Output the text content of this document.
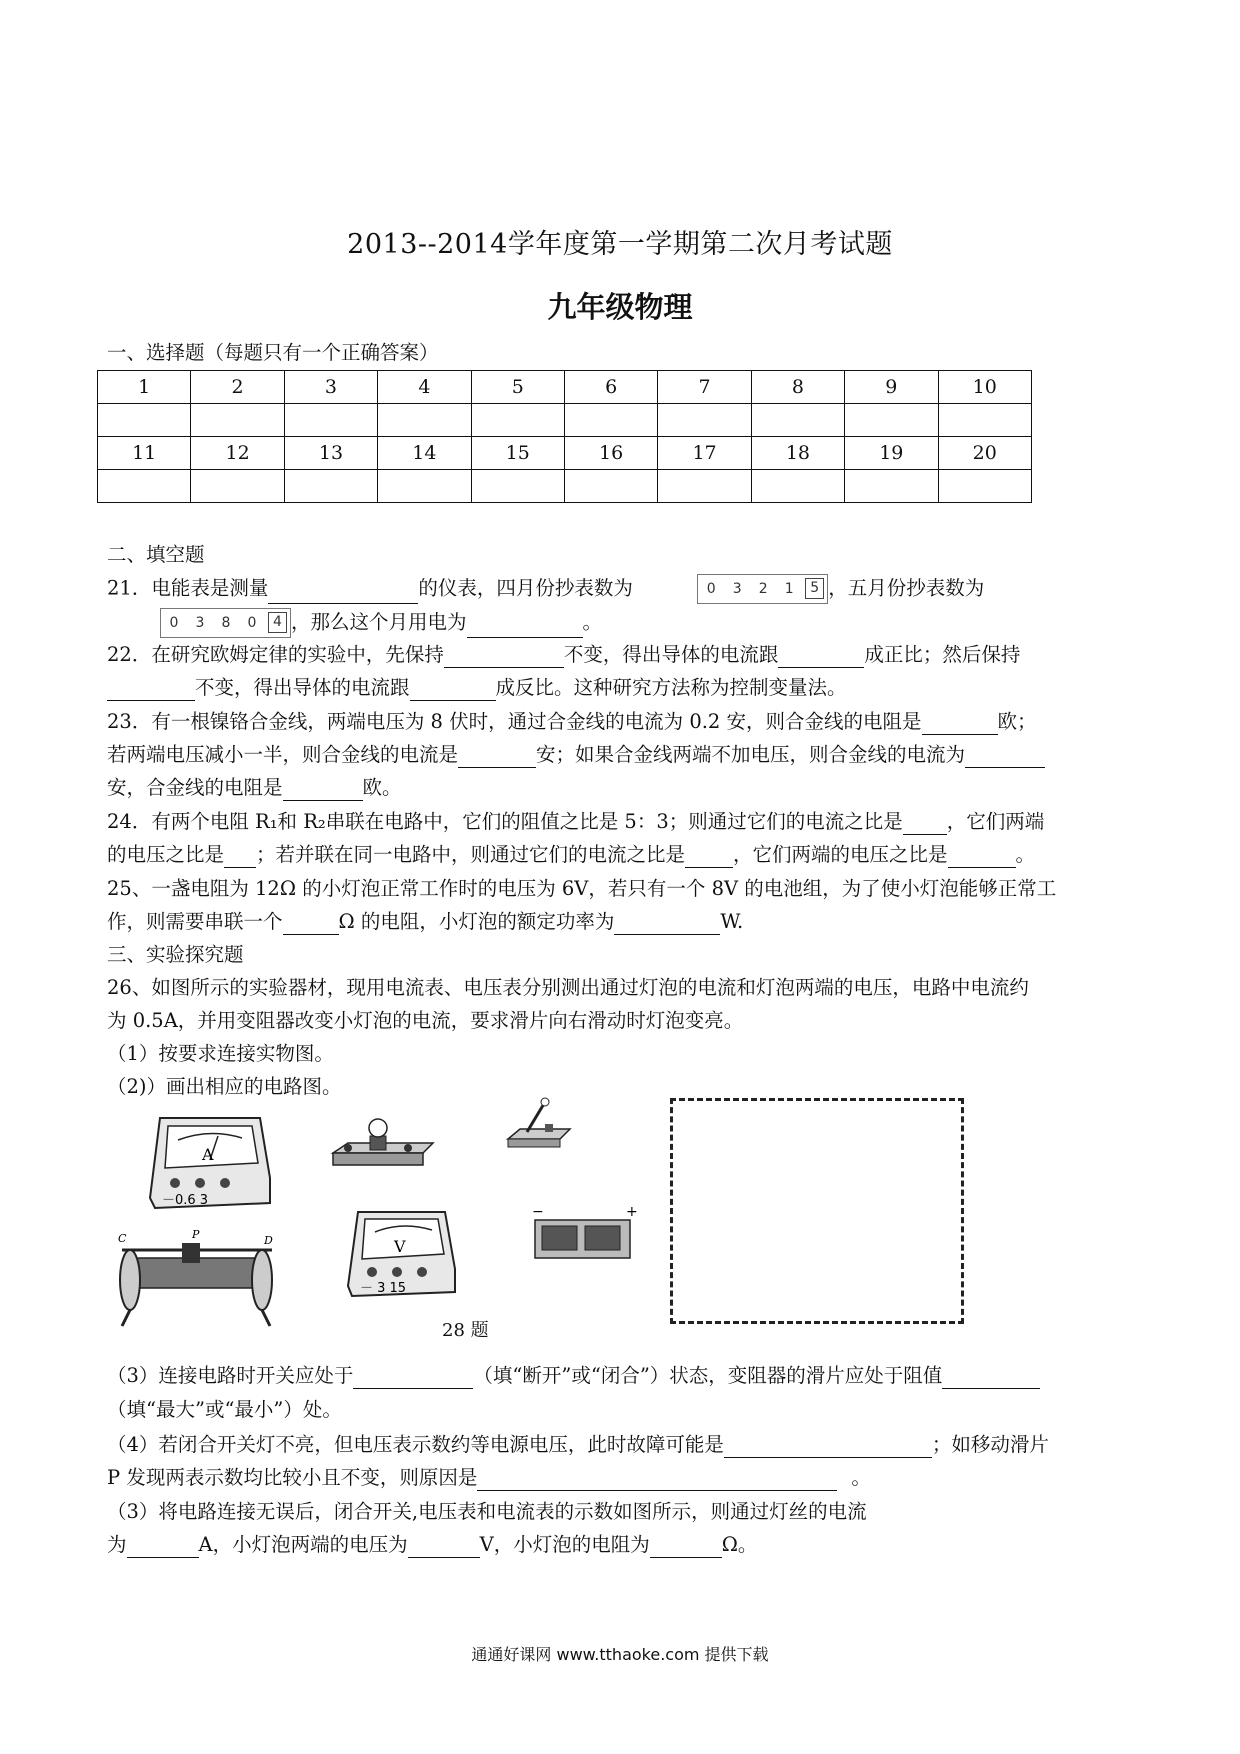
2013--2014学年度第一学期第二次月考试题
九年级物理
一、选择题（每题只有一个正确答案）
1	2	3	4	5	6	7	8	9	10

11	12	13	14	15	16	17	18	19	20

二、填空题
21．电能表是测量	的仪表，四月份抄表数为	0	3	2	1	5 ，五月份抄表数为
0	3	8	0	4 ，那么这个月用电为	。
22．在研究欧姆定律的实验中，先保持	不变，得出导体的电流跟	成正比；然后保持
不变，得出导体的电流跟	成反比。这种研究方法称为控制变量法。
23．有一根镍铬合金线，两端电压为 8 伏时，通过合金线的电流为 0.2 安，则合金线的电阻是	欧；
若两端电压减小一半，则合金线的电流是	安；如果合金线两端不加电压，则合金线的电流为
安，合金线的电阻是	欧。
24．有两个电阻 R₁和 R₂串联在电路中，它们的阻值之比是 5：3；则通过它们的电流之比是 ，它们两端
的电压之比是 ；若并联在同一电路中，则通过它们的电流之比是 ，它们两端的电压之比是	。
25、一盏电阻为 12Ω 的小灯泡正常工作时的电压为 6V，若只有一个 8V 的电池组，为了使小灯泡能够正常工
作，则需要串联一个	Ω 的电阻，小灯泡的额定功率为	W.
三、实验探究题
26、如图所示的实验器材，现用电流表、电压表分别测出通过灯泡的电流和灯泡两端的电压，电路中电流约
为 0.5A，并用变阻器改变小灯泡的电流，要求滑片向右滑动时灯泡变亮。
（1）按要求连接实物图。
（2)）画出相应的电路图。
A
－0.6 3
−	+
V
－ 3 15
C	P	D
28 题
（3）连接电路时开关应处于	（填“断开”或“闭合”）状态，变阻器的滑片应处于阻值
（填“最大”或“最小”）处。
（4）若闭合开关灯不亮，但电压表示数约等电源电压，此时故障可能是	；如移动滑片
P 发现两表示数均比较小且不变，则原因是	。
（3）将电路连接无误后，闭合开关,电压表和电流表的示数如图所示，则通过灯丝的电流
为	A，小灯泡两端的电压为	V，小灯泡的电阻为	Ω。
通通好课网 www.tthaoke.com 提供下载
